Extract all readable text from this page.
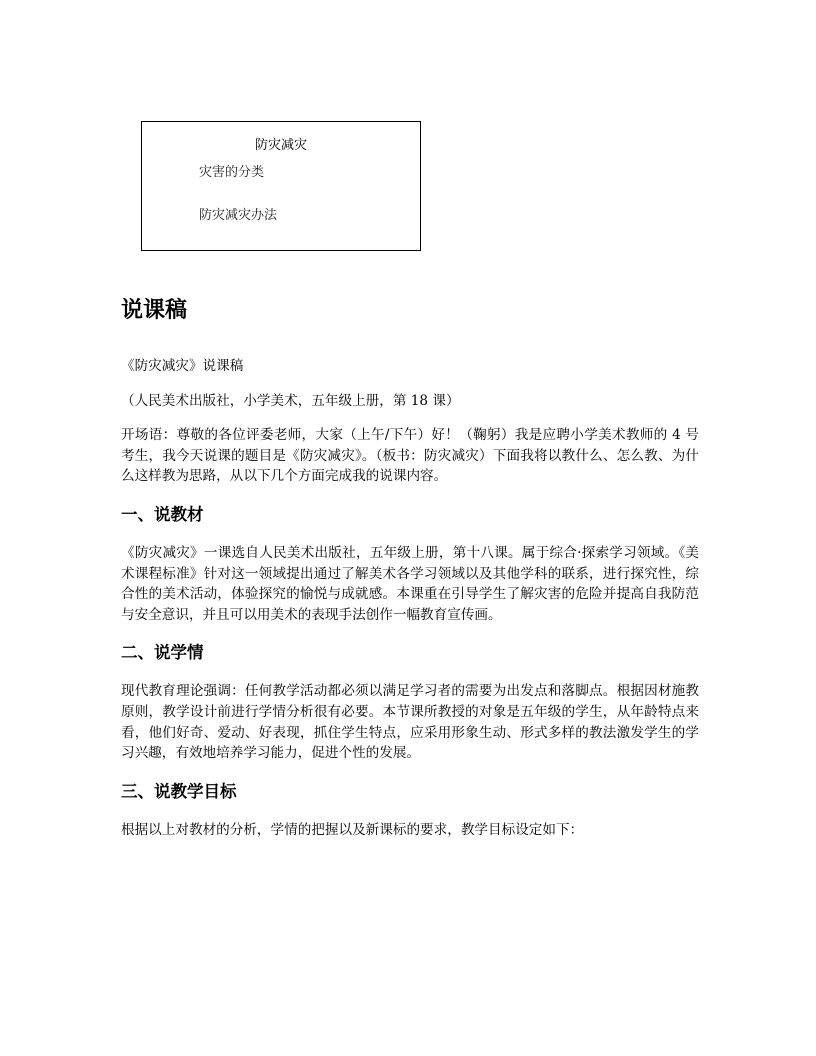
防灾减灾
灾害的分类
防灾减灾办法
说课稿

《防灾减灾》说课稿

（人民美术出版社，小学美术，五年级上册，第 18 课）

开场语：尊敬的各位评委老师，大家（上午/下午）好！（鞠躬）我是应聘小学美术教师的 4 号考生，我今天说课的题目是《防灾减灾》。（板书：防灾减灾）下面我将以教什么、怎么教、为什么这样教为思路，从以下几个方面完成我的说课内容。

一、说教材

《防灾减灾》一课选自人民美术出版社，五年级上册，第十八课。属于综合·探索学习领域。《美术课程标准》针对这一领域提出通过了解美术各学习领域以及其他学科的联系，进行探究性，综合性的美术活动，体验探究的愉悦与成就感。本课重在引导学生了解灾害的危险并提高自我防范与安全意识，并且可以用美术的表现手法创作一幅教育宣传画。

二、说学情

现代教育理论强调：任何教学活动都必须以满足学习者的需要为出发点和落脚点。根据因材施教原则，教学设计前进行学情分析很有必要。本节课所教授的对象是五年级的学生，从年龄特点来看，他们好奇、爱动、好表现，抓住学生特点，应采用形象生动、形式多样的教法激发学生的学习兴趣，有效地培养学习能力，促进个性的发展。

三、说教学目标

根据以上对教材的分析，学情的把握以及新课标的要求，教学目标设定如下：
